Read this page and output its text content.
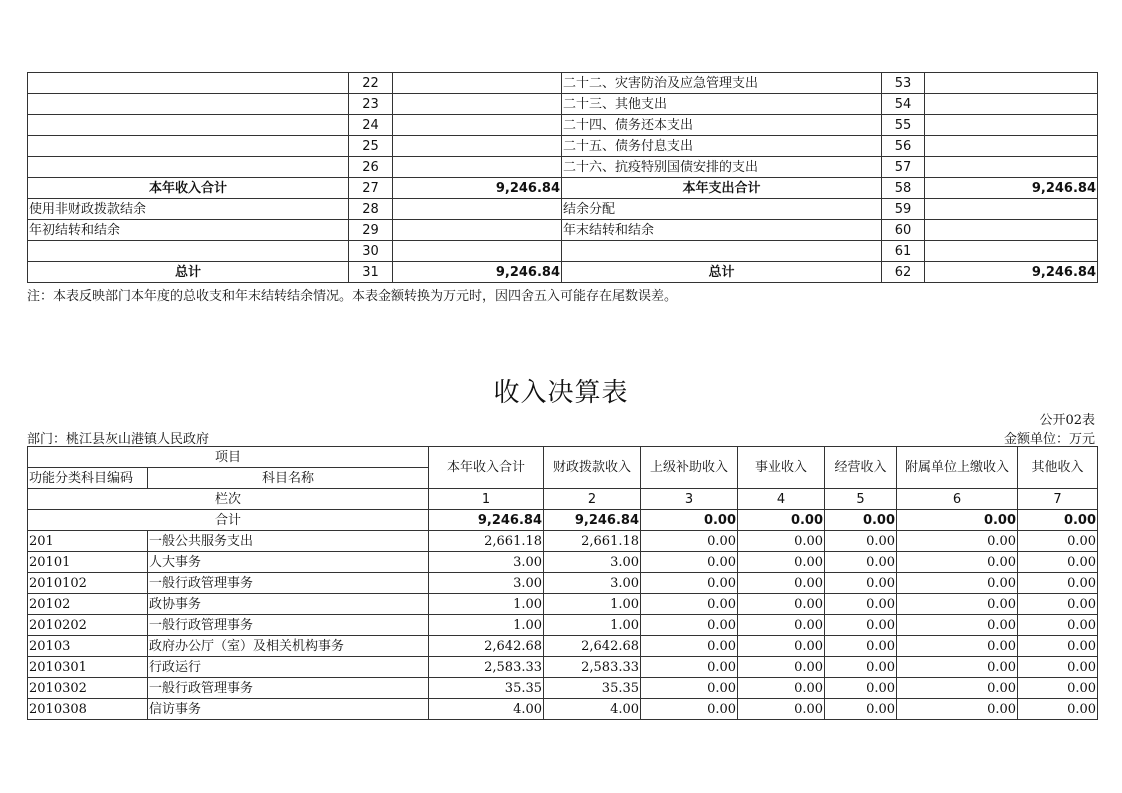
	22		二十二、灾害防治及应急管理支出	53	
	23		二十三、其他支出	54	
	24		二十四、债务还本支出	55	
	25		二十五、债务付息支出	56	
	26		二十六、抗疫特别国债安排的支出	57	
本年收入合计	27	9,246.84	本年支出合计	58	9,246.84
使用非财政拨款结余	28		结余分配	59	
年初结转和结余	29		年末结转和结余	60	
	30			61	
总计	31	9,246.84	总计	62	9,246.84
注：本表反映部门本年度的总收支和年末结转结余情况。本表金额转换为万元时，因四舍五入可能存在尾数误差。
收入决算表
公开02表
部门：桃江县灰山港镇人民政府	金额单位：万元
项目		本年收入合计	财政拨款收入	上级补助收入	事业收入	经营收入	附属单位上缴收入	其他收入
功能分类科目编码	科目名称							
栏次		1	2	3	4	5	6	7
合计		9,246.84	9,246.84	0.00	0.00	0.00	0.00	0.00
201	一般公共服务支出	2,661.18	2,661.18	0.00	0.00	0.00	0.00	0.00
20101	人大事务	3.00	3.00	0.00	0.00	0.00	0.00	0.00
2010102	一般行政管理事务	3.00	3.00	0.00	0.00	0.00	0.00	0.00
20102	政协事务	1.00	1.00	0.00	0.00	0.00	0.00	0.00
2010202	一般行政管理事务	1.00	1.00	0.00	0.00	0.00	0.00	0.00
20103	政府办公厅（室）及相关机构事务	2,642.68	2,642.68	0.00	0.00	0.00	0.00	0.00
2010301	行政运行	2,583.33	2,583.33	0.00	0.00	0.00	0.00	0.00
2010302	一般行政管理事务	35.35	35.35	0.00	0.00	0.00	0.00	0.00
2010308	信访事务	4.00	4.00	0.00	0.00	0.00	0.00	0.00
